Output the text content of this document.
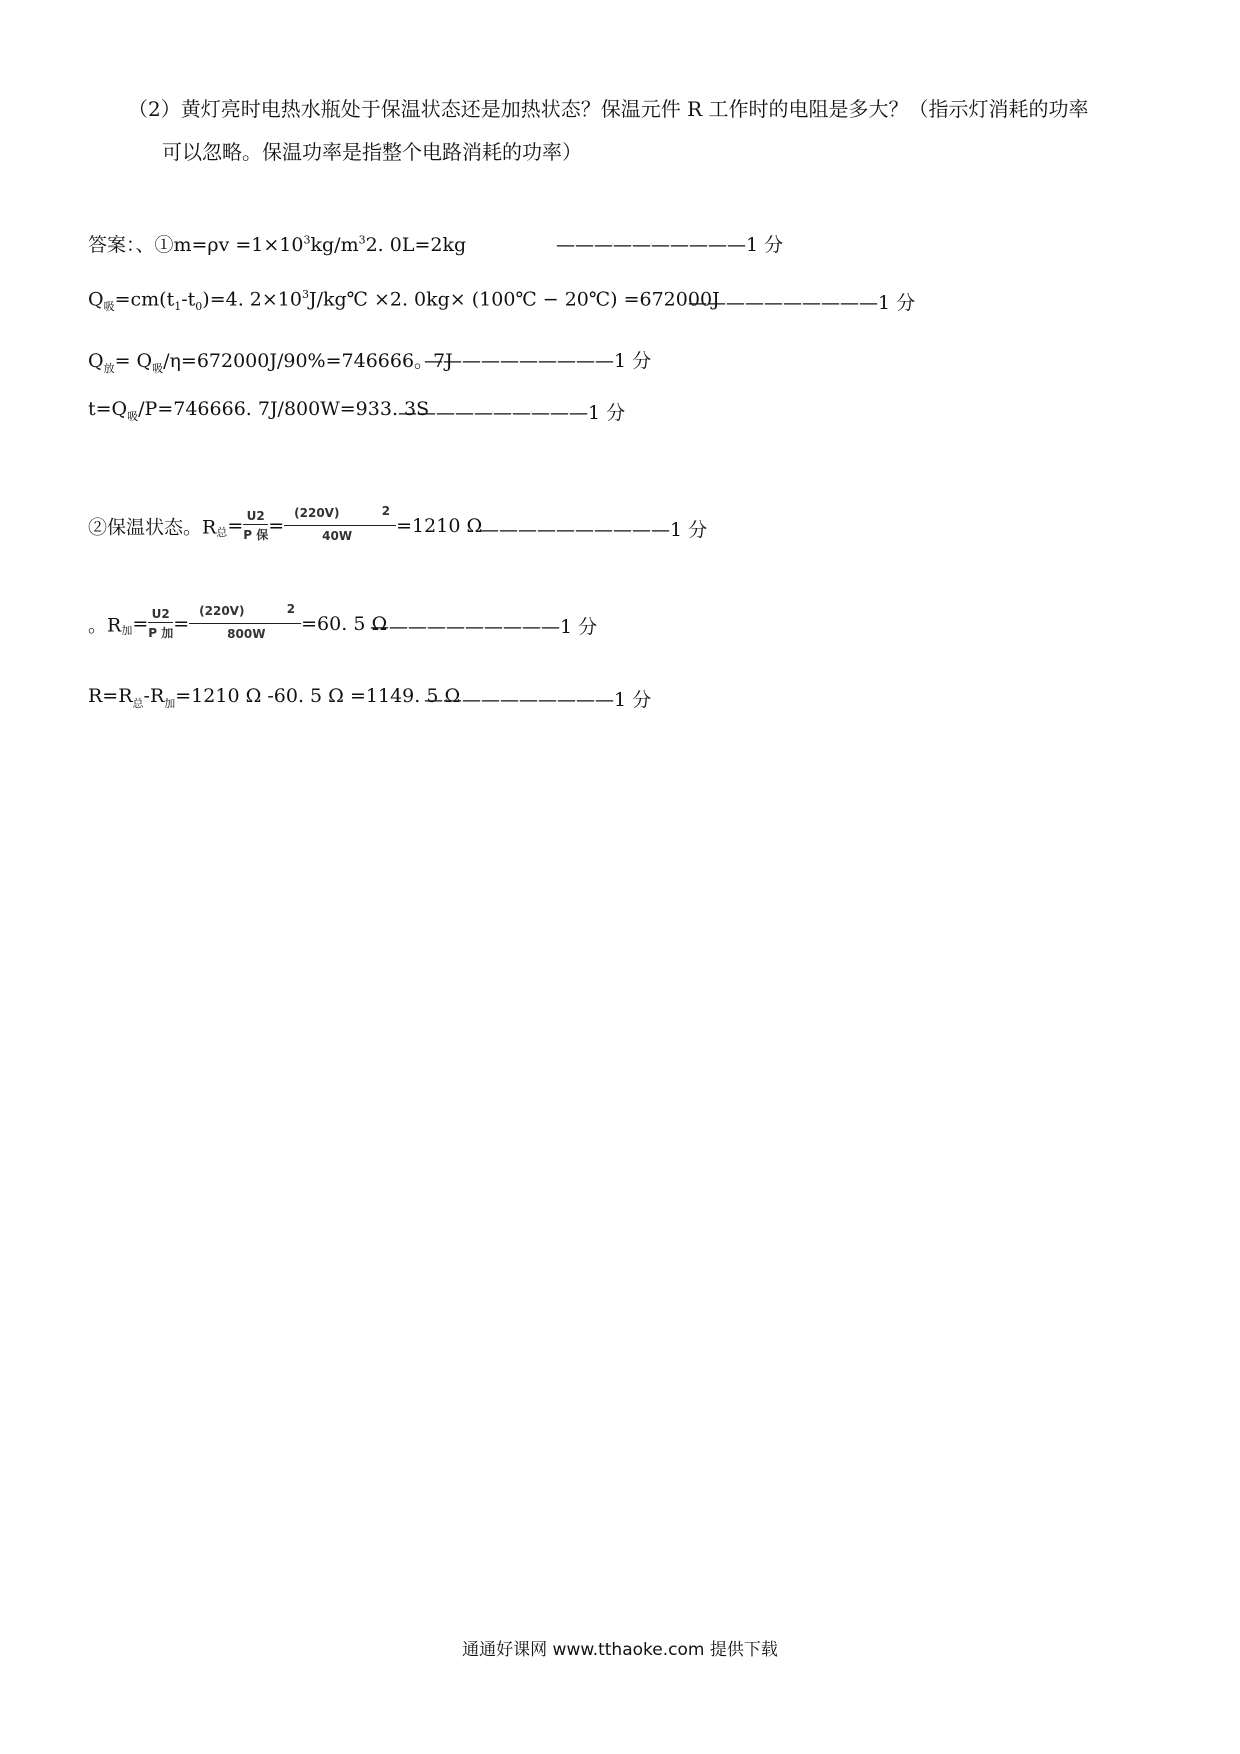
（2）黄灯亮时电热水瓶处于保温状态还是加热状态？保温元件 R 工作时的电阻是多大？（指示灯消耗的功率
可以忽略。保温功率是指整个电路消耗的功率）
答案：、①m=ρv $=1\times 10^3kg/m^32$. 0L=2kg	——————————1 分
$Q_吸=cm(t_1-t_0)=4$. $2\times 10^3J/kg℃ \times 2$. 0kg× (100℃ − 20℃) =672000J
——————————1 分
$Q_放= Q_吸/\eta=672000J/90\%=746666$。7J
——————————1 分
$t=Q_吸/P=746666$. 7J/800W=933. 3S
——————————1 分
②保温状态。$R_总= \frac{U2}{\text{P 保}}$ =
(220V)	2
40W =1210 Ω
——————————1 分
。$R_加= \frac{U2}{\text{P 加}}$ =
(220V)	2
800W =60. 5 Ω
——————————1 分
$R=R_总-R_加=1210$ Ω -60. 5 Ω =1149. 5 Ω
——————————1 分
通通好课网 www.tthaoke.com 提供下载
